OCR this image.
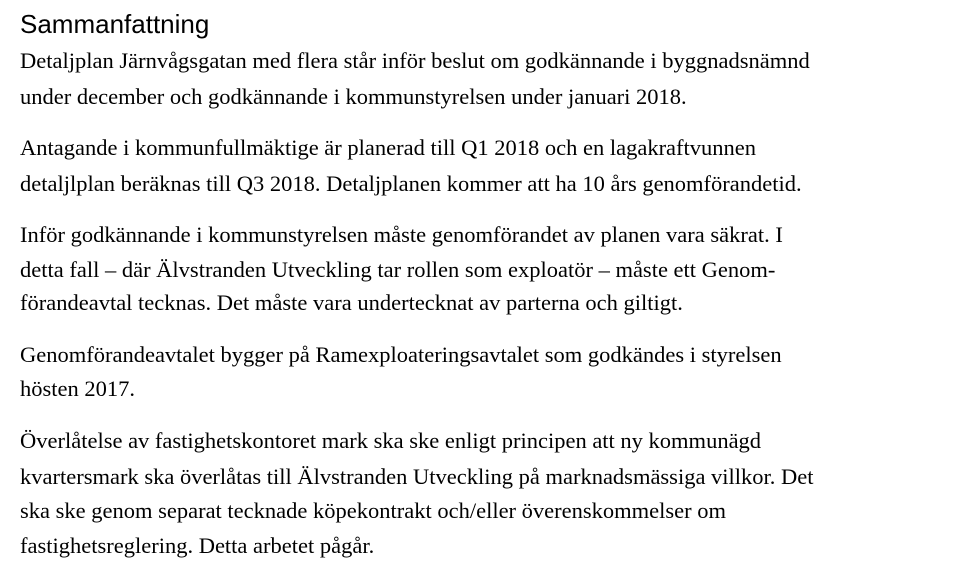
Sammanfattning

Detaljplan Järnvågsgatan med flera står inför beslut om godkännande i byggnadsnämnd

under december och godkännande i kommunstyrelsen under januari 2018.

Antagande i kommunfullmäktige är planerad till Q1 2018 och en lagakraftvunnen

detaljlplan beräknas till Q3 2018. Detaljplanen kommer att ha 10 års genomförandetid.

Inför godkännande i kommunstyrelsen måste genomförandet av planen vara säkrat. I

detta fall – där Älvstranden Utveckling tar rollen som exploatör – måste ett Genom-

förandeavtal tecknas. Det måste vara undertecknat av parterna och giltigt.

Genomförandeavtalet bygger på Ramexploateringsavtalet som godkändes i styrelsen

hösten 2017.

Överlåtelse av fastighetskontoret mark ska ske enligt principen att ny kommunägd

kvartersmark ska överlåtas till Älvstranden Utveckling på marknadsmässiga villkor. Det

ska ske genom separat tecknade köpekontrakt och/eller överenskommelser om

fastighetsreglering. Detta arbetet pågår.
